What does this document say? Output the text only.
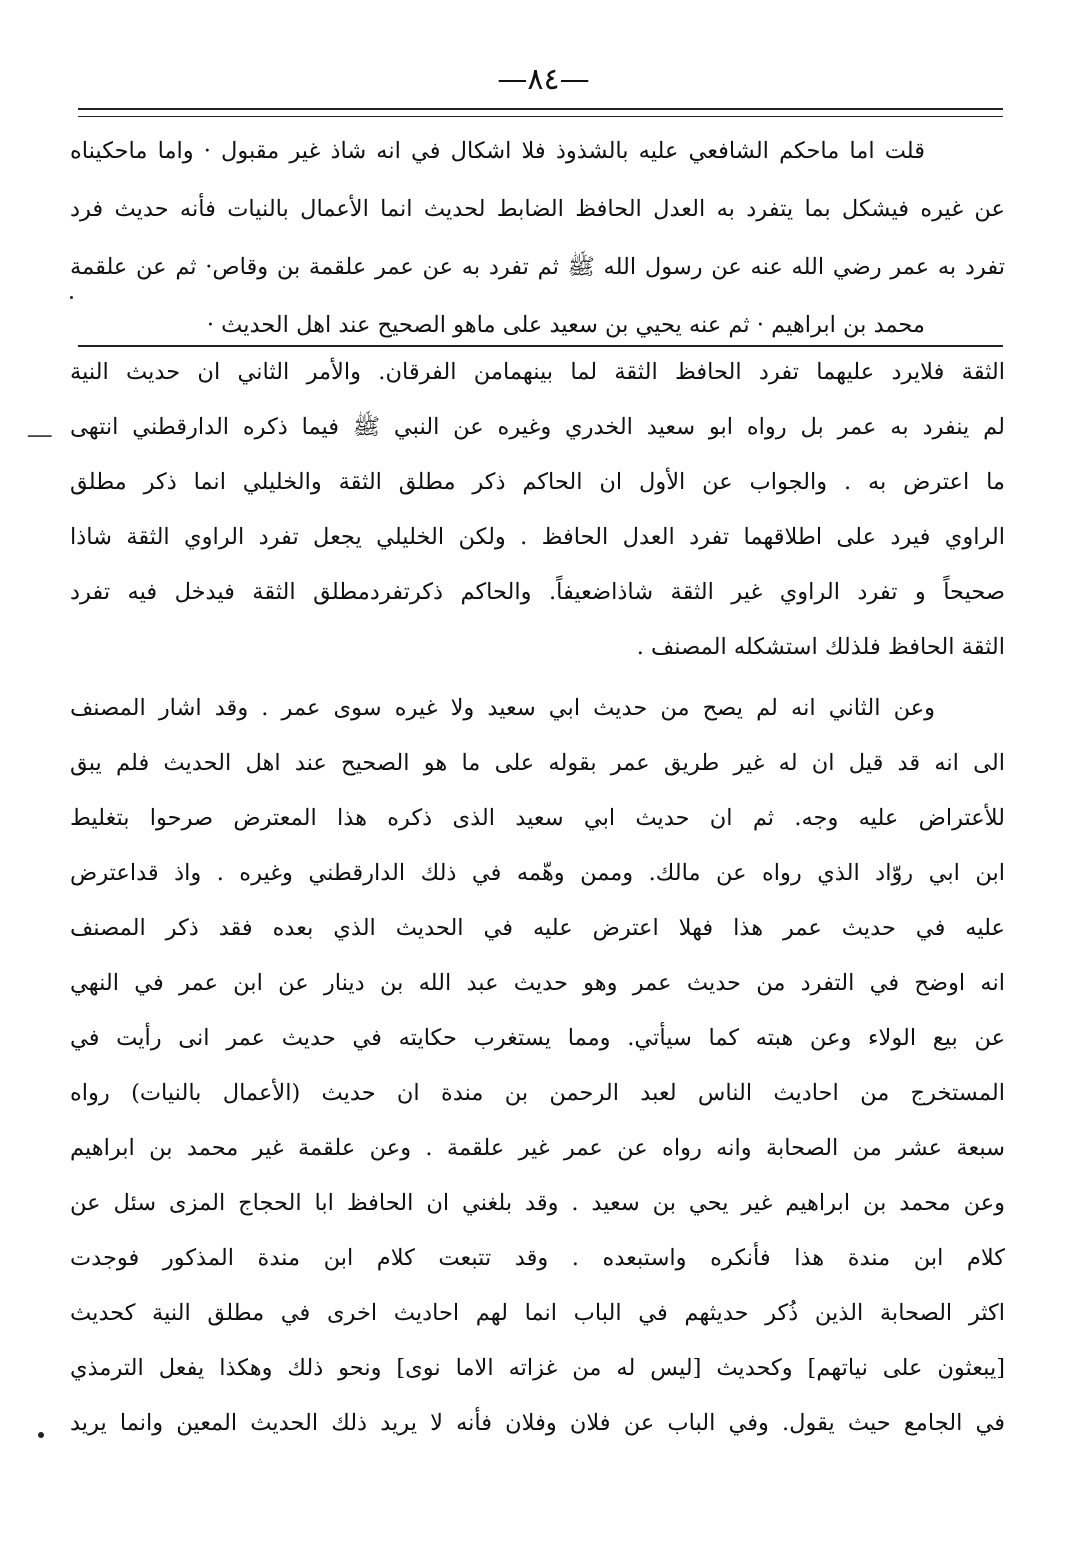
—٨٤—
قلت اما ماحكم الشافعي عليه بالشذوذ فلا اشكال في انه شاذ غير مقبول · واما ماحكيناه
عن غيره فيشكل بما يتفرد به العدل الحافظ الضابط لحديث انما الأعمال بالنيات فأنه حديث فرد
تفرد به عمر رضي الله عنه عن رسول الله ﷺ ثم تفرد به عن عمر علقمة بن وقاص· ثم عن علقمة
محمد بن ابراهيم · ثم عنه يحيي بن سعيد على ماهو الصحيح عند اهل الحديث ·
ــــ
الثقة فلايرد عليهما تفرد الحافظ الثقة لما بينهمامن الفرقان. والأمر الثاني ان حديث النية
لم ينفرد به عمر بل رواه ابو سعيد الخدري وغيره عن النبي ﷺ فيما ذكره الدارقطني انتهى
ما اعترض به . والجواب عن الأول ان الحاكم ذكر مطلق الثقة والخليلي انما ذكر مطلق
الراوي فيرد على اطلاقهما تفرد العدل الحافظ . ولكن الخليلي يجعل تفرد الراوي الثقة شاذا
صحيحاً و تفرد الراوي غير الثقة شاذاضعيفاً. والحاكم ذكرتفردمطلق الثقة فيدخل فيه تفرد
الثقة الحافظ فلذلك استشكله المصنف .
وعن الثاني انه لم يصح من حديث ابي سعيد ولا غيره سوى عمر . وقد اشار المصنف
الى انه قد قيل ان له غير طريق عمر بقوله على ما هو الصحيح عند اهل الحديث فلم يبق
للأعتراض عليه وجه. ثم ان حديث ابي سعيد الذى ذكره هذا المعترض صرحوا بتغليط
ابن ابي روّاد الذي رواه عن مالك. وممن وهّمه في ذلك الدارقطني وغيره . واذ قداعترض
عليه في حديث عمر هذا فهلا اعترض عليه في الحديث الذي بعده فقد ذكر المصنف
انه اوضح في التفرد من حديث عمر وهو حديث عبد الله بن دينار عن ابن عمر في النهي
عن بيع الولاء وعن هبته كما سيأتي. ومما يستغرب حكايته في حديث عمر انى رأيت في
المستخرج من احاديث الناس لعبد الرحمن بن مندة ان حديث (الأعمال بالنيات) رواه
سبعة عشر من الصحابة وانه رواه عن عمر غير علقمة . وعن علقمة غير محمد بن ابراهيم
وعن محمد بن ابراهيم غير يحي بن سعيد . وقد بلغني ان الحافظ ابا الحجاج المزى سئل عن
كلام ابن مندة هذا فأنكره واستبعده . وقد تتبعت كلام ابن مندة المذكور فوجدت
اكثر الصحابة الذين ذُكر حديثهم في الباب انما لهم احاديث اخرى في مطلق النية كحديث
[يبعثون على نياتهم] وكحديث [ليس له من غزاته الاما نوى] ونحو ذلك وهكذا يفعل الترمذي
في الجامع حيث يقول. وفي الباب عن فلان وفلان فأنه لا يريد ذلك الحديث المعين وانما يريد
